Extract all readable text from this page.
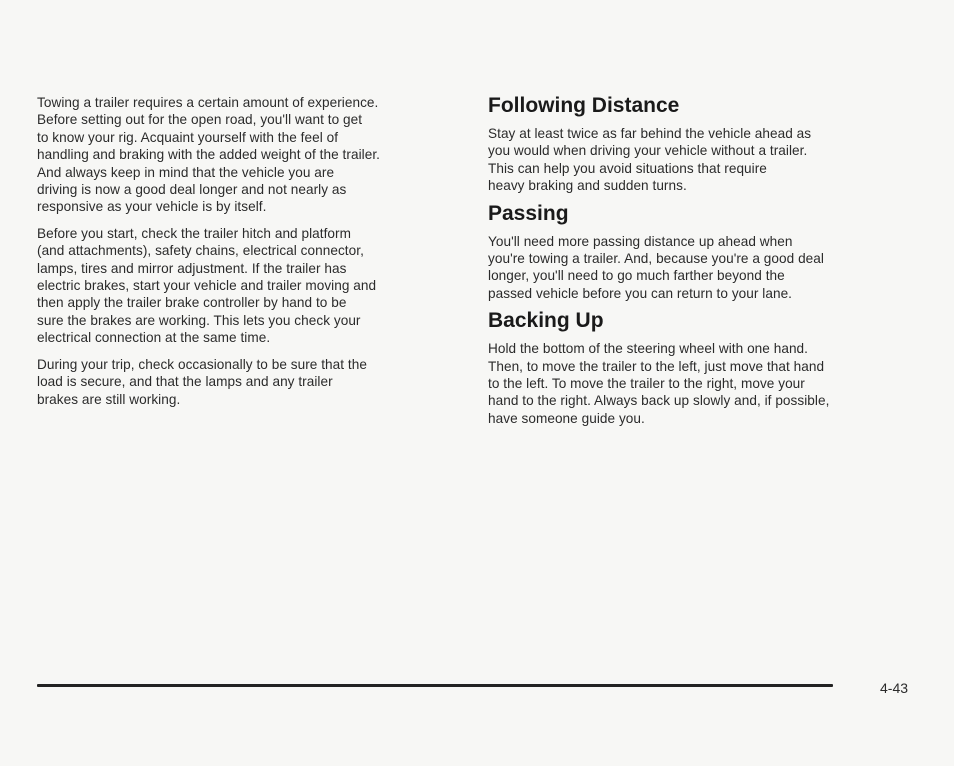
Towing a trailer requires a certain amount of experience.
Before setting out for the open road, you'll want to get
to know your rig. Acquaint yourself with the feel of
handling and braking with the added weight of the trailer.
And always keep in mind that the vehicle you are
driving is now a good deal longer and not nearly as
responsive as your vehicle is by itself.

Before you start, check the trailer hitch and platform
(and attachments), safety chains, electrical connector,
lamps, tires and mirror adjustment. If the trailer has
electric brakes, start your vehicle and trailer moving and
then apply the trailer brake controller by hand to be
sure the brakes are working. This lets you check your
electrical connection at the same time.

During your trip, check occasionally to be sure that the
load is secure, and that the lamps and any trailer
brakes are still working.

Following Distance

Stay at least twice as far behind the vehicle ahead as
you would when driving your vehicle without a trailer.
This can help you avoid situations that require
heavy braking and sudden turns.

Passing

You'll need more passing distance up ahead when
you're towing a trailer. And, because you're a good deal
longer, you'll need to go much farther beyond the
passed vehicle before you can return to your lane.

Backing Up

Hold the bottom of the steering wheel with one hand.
Then, to move the trailer to the left, just move that hand
to the left. To move the trailer to the right, move your
hand to the right. Always back up slowly and, if possible,
have someone guide you.

4-43
